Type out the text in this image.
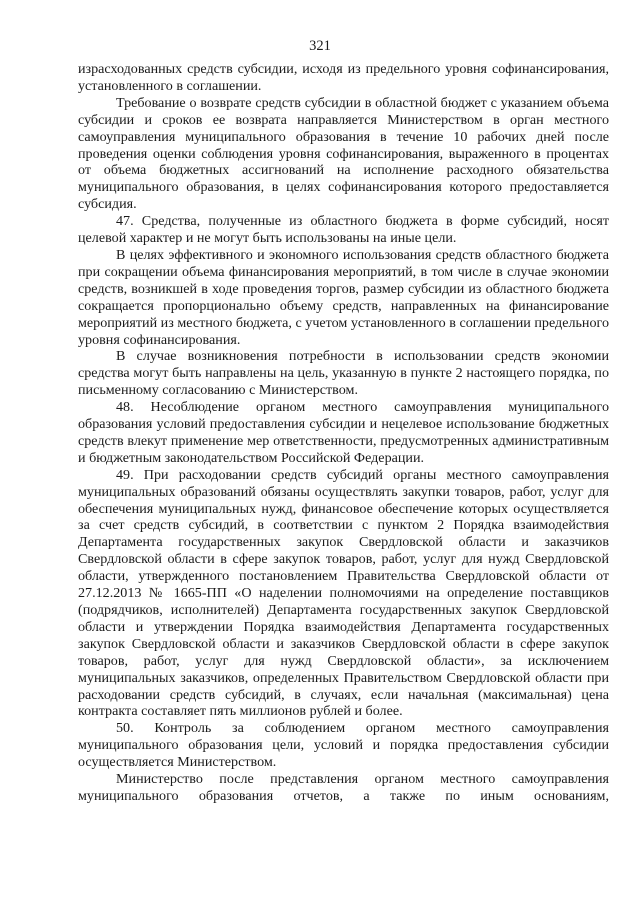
321

израсходованных средств субсидии, исходя из предельного уровня софинансирования, установленного в соглашении.

Требование о возврате средств субсидии в областной бюджет с указанием объема субсидии и сроков ее возврата направляется Министерством в орган местного самоуправления муниципального образования в течение 10 рабочих дней после проведения оценки соблюдения уровня софинансирования, выраженного в процентах от объема бюджетных ассигнований на исполнение расходного обязательства муниципального образования, в целях софинансирования которого предоставляется субсидия.

47. Средства, полученные из областного бюджета в форме субсидий, носят целевой характер и не могут быть использованы на иные цели.

В целях эффективного и экономного использования средств областного бюджета при сокращении объема финансирования мероприятий, в том числе в случае экономии средств, возникшей в ходе проведения торгов, размер субсидии из областного бюджета сокращается пропорционально объему средств, направленных на финансирование мероприятий из местного бюджета, с учетом установленного в соглашении предельного уровня софинансирования.

В случае возникновения потребности в использовании средств экономии средства могут быть направлены на цель, указанную в пункте 2 настоящего порядка, по письменному согласованию с Министерством.

48. Несоблюдение органом местного самоуправления муниципального образования условий предоставления субсидии и нецелевое использование бюджетных средств влекут применение мер ответственности, предусмотренных административным и бюджетным законодательством Российской Федерации.

49. При расходовании средств субсидий органы местного самоуправления муниципальных образований обязаны осуществлять закупки товаров, работ, услуг для обеспечения муниципальных нужд, финансовое обеспечение которых осуществляется за счет средств субсидий, в соответствии с пунктом 2 Порядка взаимодействия Департамента государственных закупок Свердловской области и заказчиков Свердловской области в сфере закупок товаров, работ, услуг для нужд Свердловской области, утвержденного постановлением Правительства Свердловской области от 27.12.2013 № 1665-ПП «О наделении полномочиями на определение поставщиков (подрядчиков, исполнителей) Департамента государственных закупок Свердловской области и утверждении Порядка взаимодействия Департамента государственных закупок Свердловской области и заказчиков Свердловской области в сфере закупок товаров, работ, услуг для нужд Свердловской области», за исключением муниципальных заказчиков, определенных Правительством Свердловской области при расходовании средств субсидий, в случаях, если начальная (максимальная) цена контракта составляет пять миллионов рублей и более.

50. Контроль за соблюдением органом местного самоуправления муниципального образования цели, условий и порядка предоставления субсидии осуществляется Министерством.

Министерство после представления органом местного самоуправления муниципального образования отчетов, а также по иным основаниям,
